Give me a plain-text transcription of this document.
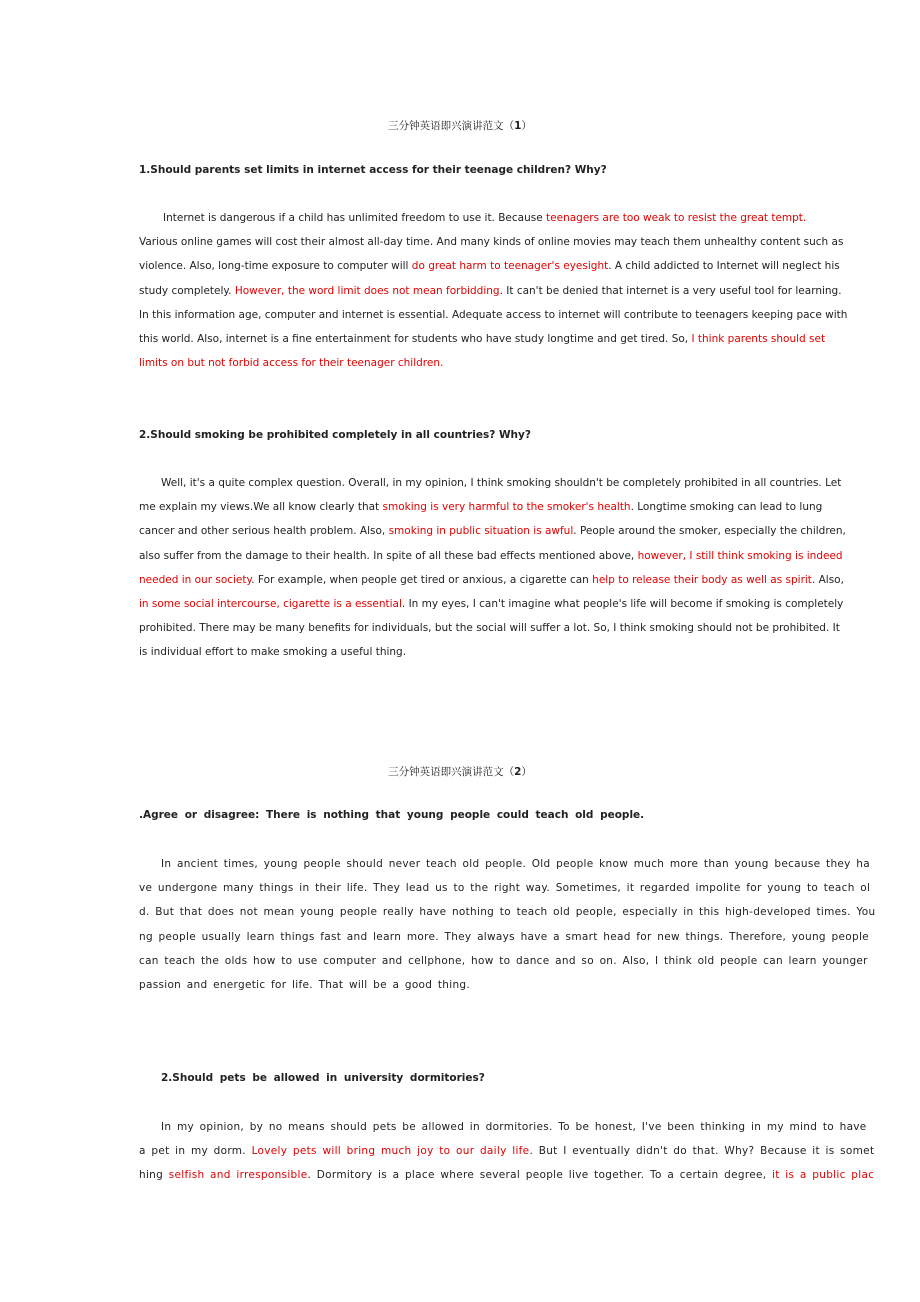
三分钟英语即兴演讲范文（1）
1.Should parents set limits in internet access for their teenage children? Why?
2.Should smoking be prohibited completely in all countries? Why?
三分钟英语即兴演讲范文（2）
.Agree or disagree: There is nothing that young people could teach old people.
2.Should pets be allowed in university dormitories?
Internet is dangerous if a child has unlimited freedom to use it. Because teenagers are too weak to resist the great tempt.
Various online games will cost their almost all-day time. And many kinds of online movies may teach them unhealthy content such as
violence. Also, long-time exposure to computer will do great harm to teenager's eyesight. A child addicted to Internet will neglect his
study completely. However, the word limit does not mean forbidding. It can't be denied that internet is a very useful tool for learning.
In this information age, computer and internet is essential. Adequate access to internet will contribute to teenagers keeping pace with
this world. Also, internet is a fine entertainment for students who have study longtime and get tired. So, I think parents should set
limits on but not forbid access for their teenager children.
Well, it's a quite complex question. Overall, in my opinion, I think smoking shouldn't be completely prohibited in all countries. Let
me explain my views.We all know clearly that smoking is very harmful to the smoker's health. Longtime smoking can lead to lung
cancer and other serious health problem. Also, smoking in public situation is awful. People around the smoker, especially the children,
also suffer from the damage to their health. In spite of all these bad effects mentioned above, however, I still think smoking is indeed
needed in our society. For example, when people get tired or anxious, a cigarette can help to release their body as well as spirit. Also,
in some social intercourse, cigarette is a essential. In my eyes, I can't imagine what people's life will become if smoking is completely
prohibited. There may be many benefits for individuals, but the social will suffer a lot. So, I think smoking should not be prohibited. It
is individual effort to make smoking a useful thing.
In ancient times, young people should never teach old people. Old people know much more than young because they ha
ve undergone many things in their life. They lead us to the right way. Sometimes, it regarded impolite for young to teach ol
d. But that does not mean young people really have nothing to teach old people, especially in this high-developed times. You
ng people usually learn things fast and learn more. They always have a smart head for new things. Therefore, young people
can teach the olds how to use computer and cellphone, how to dance and so on. Also, I think old people can learn younger
passion and energetic for life. That will be a good thing.
In my opinion, by no means should pets be allowed in dormitories. To be honest, I've been thinking in my mind to have
a pet in my dorm. Lovely pets will bring much joy to our daily life. But I eventually didn't do that. Why? Because it is somet
hing selfish and irresponsible. Dormitory is a place where several people live together. To a certain degree, it is a public plac
